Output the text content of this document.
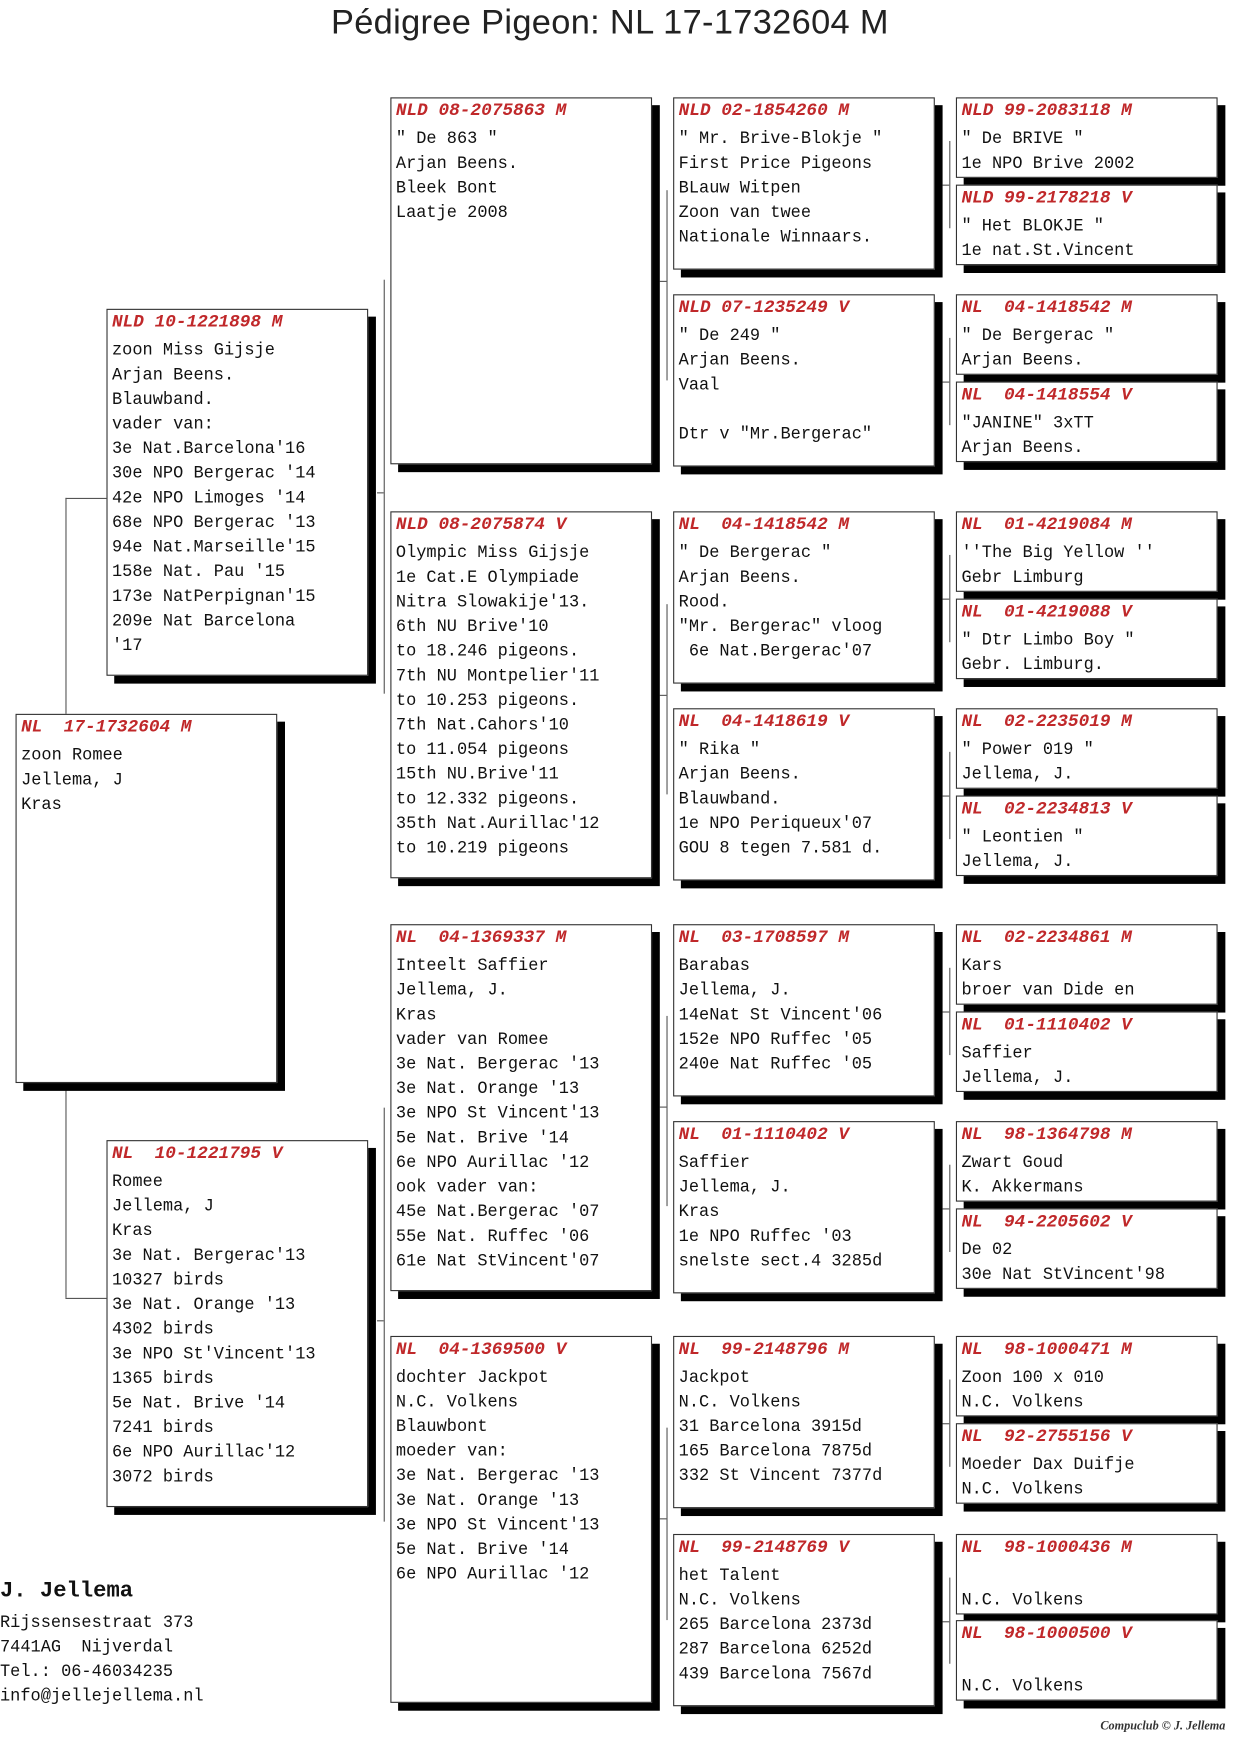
Pédigree Pigeon: NL 17-1732604 M
NL  17-1732604 M
zoon Romee
Jellema, J
Kras
NLD 10-1221898 M
zoon Miss Gijsje
Arjan Beens.
Blauwband.
vader van:
3e Nat.Barcelona'16
30e NPO Bergerac '14
42e NPO Limoges '14
68e NPO Bergerac '13
94e Nat.Marseille'15
158e Nat. Pau '15
173e NatPerpignan'15
209e Nat Barcelona
'17
NL  10-1221795 V
Romee
Jellema, J
Kras
3e Nat. Bergerac'13
10327 birds
3e Nat. Orange '13
4302 birds
3e NPO St'Vincent'13
1365 birds
5e Nat. Brive '14
7241 birds
6e NPO Aurillac'12
3072 birds
NLD 08-2075863 M
" De 863 "
Arjan Beens.
Bleek Bont
Laatje 2008
NLD 08-2075874 V
Olympic Miss Gijsje
1e Cat.E Olympiade
Nitra Slowakije'13.
6th NU Brive'10
to 18.246 pigeons.
7th NU Montpelier'11
to 10.253 pigeons.
7th Nat.Cahors'10
to 11.054 pigeons
15th NU.Brive'11
to 12.332 pigeons.
35th Nat.Aurillac'12
to 10.219 pigeons
NL  04-1369337 M
Inteelt Saffier
Jellema, J.
Kras
vader van Romee
3e Nat. Bergerac '13
3e Nat. Orange '13
3e NPO St Vincent'13
5e Nat. Brive '14
6e NPO Aurillac '12
ook vader van:
45e Nat.Bergerac '07
55e Nat. Ruffec '06
61e Nat StVincent'07
NL  04-1369500 V
dochter Jackpot
N.C. Volkens
Blauwbont
moeder van:
3e Nat. Bergerac '13
3e Nat. Orange '13
3e NPO St Vincent'13
5e Nat. Brive '14
6e NPO Aurillac '12
NLD 02-1854260 M
" Mr. Brive-Blokje "
First Price Pigeons
BLauw Witpen
Zoon van twee
Nationale Winnaars.
NLD 07-1235249 V
" De 249 "
Arjan Beens.
Vaal
Dtr v "Mr.Bergerac"
NL  04-1418542 M
" De Bergerac "
Arjan Beens.
Rood.
"Mr. Bergerac" vloog
6e Nat.Bergerac'07
NL  04-1418619 V
" Rika "
Arjan Beens.
Blauwband.
1e NPO Periqueux'07
GOU 8 tegen 7.581 d.
NL  03-1708597 M
Barabas
Jellema, J.
14eNat St Vincent'06
152e NPO Ruffec '05
240e Nat Ruffec '05
NL  01-1110402 V
Saffier
Jellema, J.
Kras
1e NPO Ruffec '03
snelste sect.4 3285d
NL  99-2148796 M
Jackpot
N.C. Volkens
31 Barcelona 3915d
165 Barcelona 7875d
332 St Vincent 7377d
NL  99-2148769 V
het Talent
N.C. Volkens
265 Barcelona 2373d
287 Barcelona 6252d
439 Barcelona 7567d
NLD 99-2083118 M
" De BRIVE "
1e NPO Brive 2002
NLD 99-2178218 V
" Het BLOKJE "
1e nat.St.Vincent
NL  04-1418542 M
" De Bergerac "
Arjan Beens.
NL  04-1418554 V
"JANINE" 3xTT
Arjan Beens.
NL  01-4219084 M
''The Big Yellow ''
Gebr Limburg
NL  01-4219088 V
" Dtr Limbo Boy "
Gebr. Limburg.
NL  02-2235019 M
" Power 019 "
Jellema, J.
NL  02-2234813 V
" Leontien "
Jellema, J.
NL  02-2234861 M
Kars
broer van Dide en
NL  01-1110402 V
Saffier
Jellema, J.
NL  98-1364798 M
Zwart Goud
K. Akkermans
NL  94-2205602 V
De 02
30e Nat StVincent'98
NL  98-1000471 M
Zoon 100 x 010
N.C. Volkens
NL  92-2755156 V
Moeder Dax Duifje
N.C. Volkens
NL  98-1000436 M
N.C. Volkens
NL  98-1000500 V
N.C. Volkens
J. Jellema
Rijssensestraat 373
7441AG  Nijverdal
Tel.: 06-46034235
info@jellejellema.nl
Compuclub © J. Jellema
